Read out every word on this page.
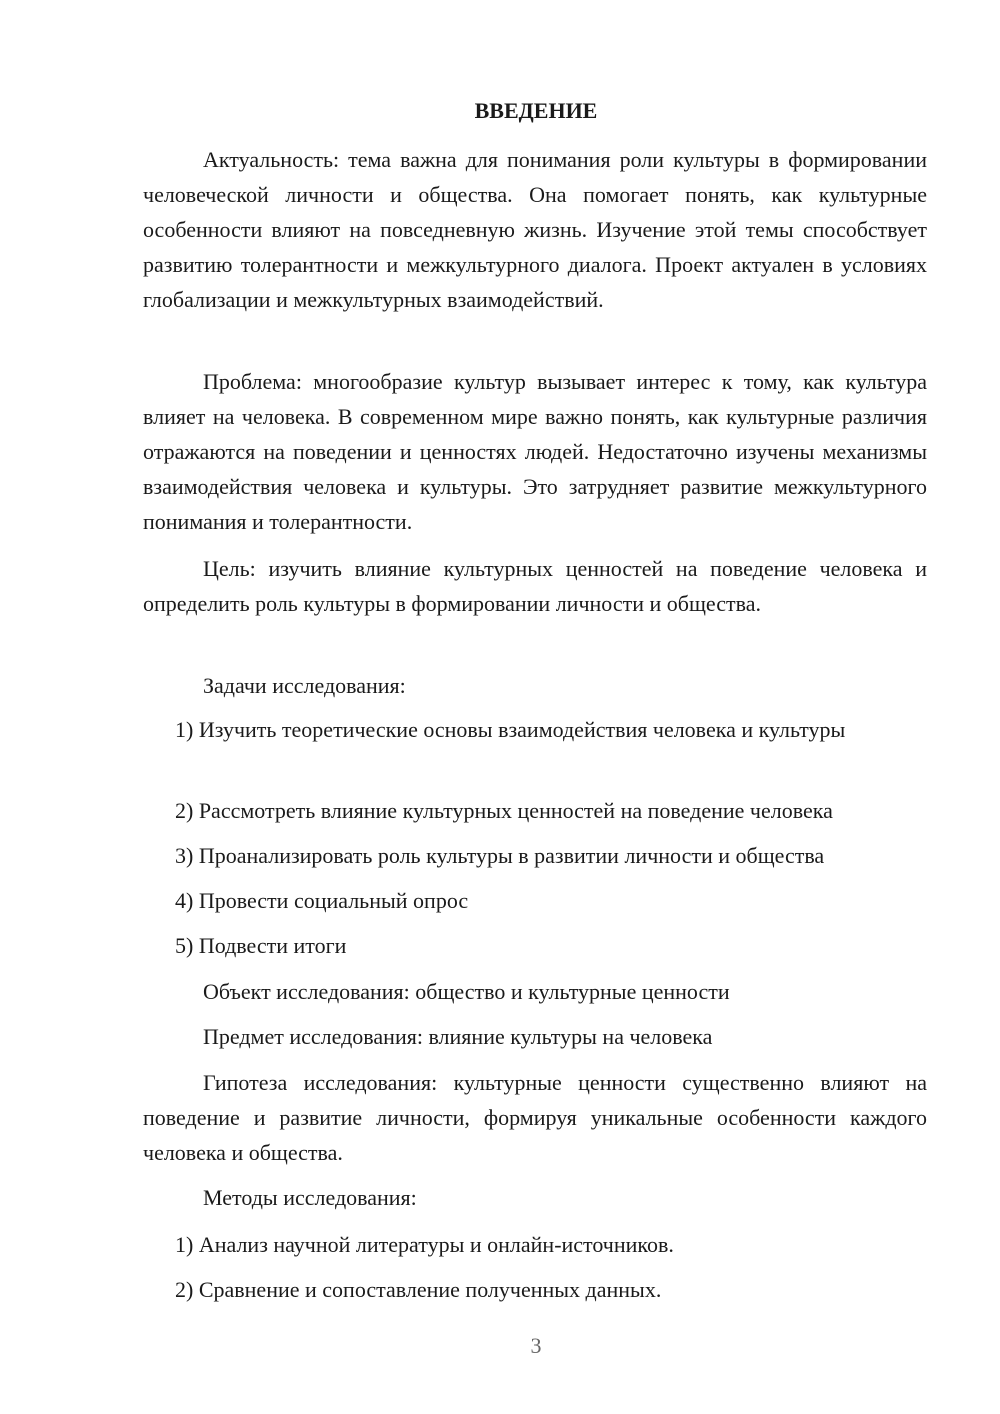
ВВЕДЕНИЕ

Актуальность: тема важна для понимания роли культуры в формировании человеческой личности и общества. Она помогает понять, как культурные особенности влияют на повседневную жизнь. Изучение этой темы способствует развитию толерантности и межкультурного диалога. Проект актуален в условиях глобализации и межкультурных взаимодействий.

Проблема: многообразие культур вызывает интерес к тому, как культура влияет на человека. В современном мире важно понять, как культурные различия отражаются на поведении и ценностях людей. Недостаточно изучены механизмы взаимодействия человека и культуры. Это затрудняет развитие межкультурного понимания и толерантности.

Цель: изучить влияние культурных ценностей на поведение человека и определить роль культуры в формировании личности и общества.

Задачи исследования:

1) Изучить теоретические основы взаимодействия человека и культуры

2) Рассмотреть влияние культурных ценностей на поведение человека
3) Проанализировать роль культуры в развитии личности и общества
4) Провести социальный опрос
5) Подвести итоги
Объект исследования: общество и культурные ценности
Предмет исследования: влияние культуры на человека

Гипотеза исследования: культурные ценности существенно влияют на поведение и развитие личности, формируя уникальные особенности каждого человека и общества.

Методы исследования:
1) Анализ научной литературы и онлайн-источников.
2) Сравнение и сопоставление полученных данных.
3
